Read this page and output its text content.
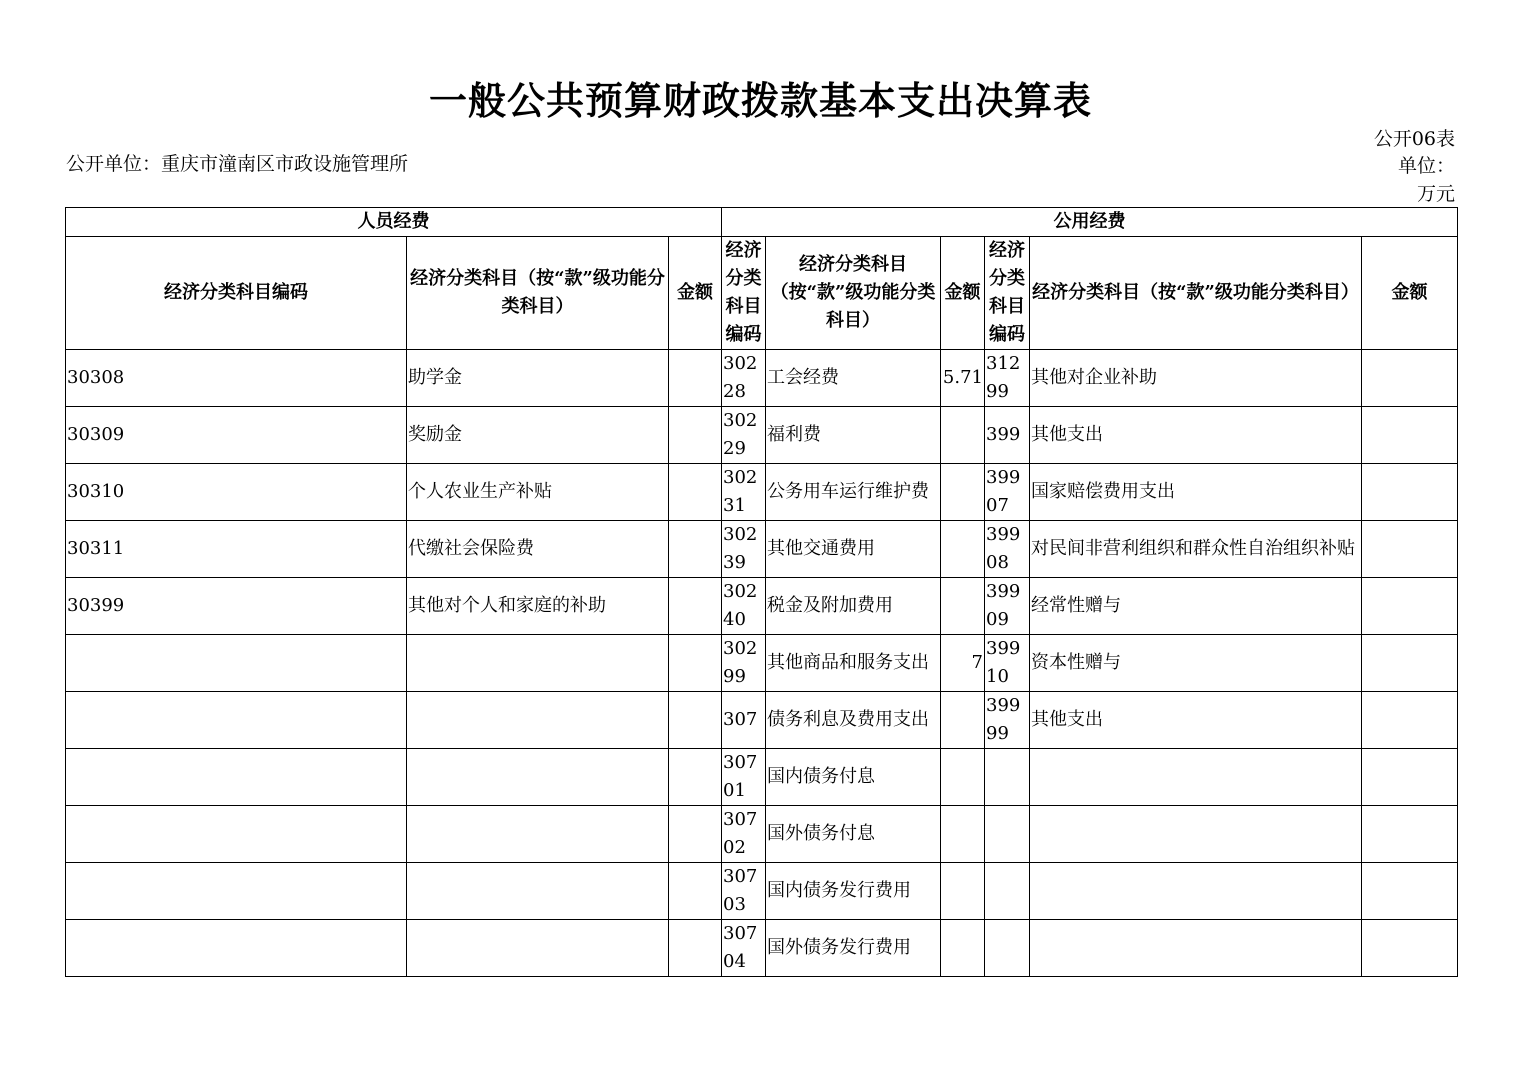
一般公共预算财政拨款基本支出决算表
公开06表
公开单位：重庆市潼南区市政设施管理所	单位：万元
人员经费			公用经费					
经济分类科目编码	经济分类科目（按“款”级功能分类科目）	金额	经济分类科目编码	经济分类科目（按“款”级功能分类科目）	金额	经济分类科目编码	经济分类科目（按“款”级功能分类科目）	金额
30308	助学金		30228	工会经费	5.71	31299	其他对企业补助	
30309	奖励金		30229	福利费		399	其他支出	
30310	个人农业生产补贴		30231	公务用车运行维护费		39907	国家赔偿费用支出	
30311	代缴社会保险费		30239	其他交通费用		39908	对民间非营利组织和群众性自治组织补贴	
30399	其他对个人和家庭的补助		30240	税金及附加费用		39909	经常性赠与	
			30299	其他商品和服务支出	7	39910	资本性赠与	
			307	债务利息及费用支出		39999	其他支出	
			30701	国内债务付息				
			30702	国外债务付息				
			30703	国内债务发行费用				
			30704	国外债务发行费用				
